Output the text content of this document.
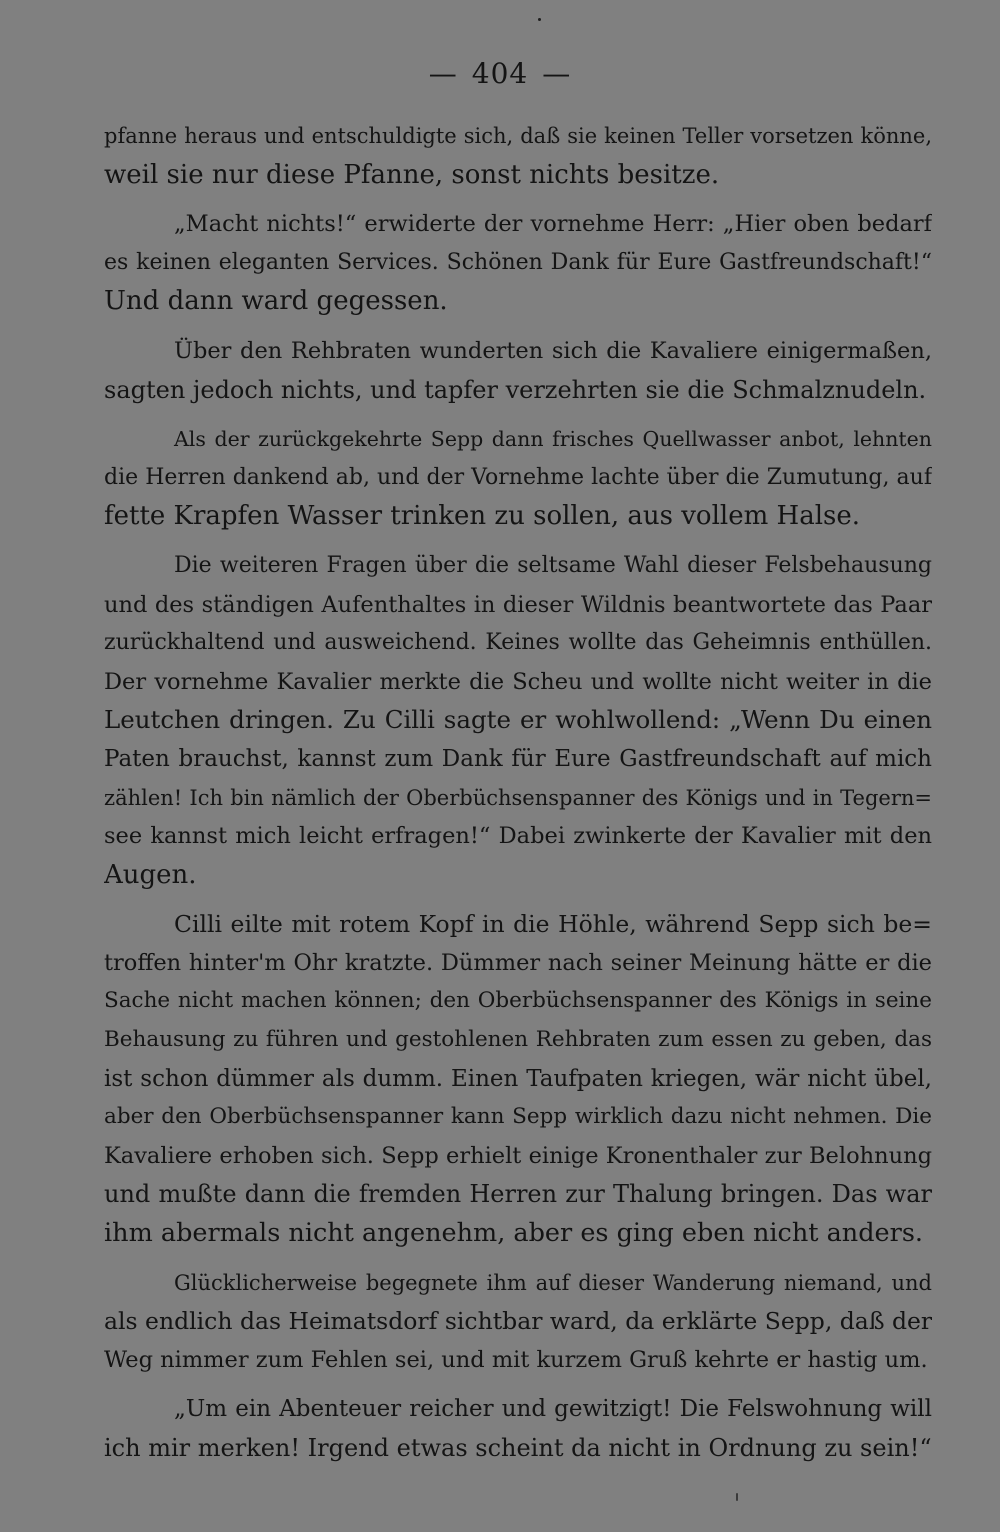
— 404 —
pfanne heraus und entschuldigte sich, daß sie keinen Teller vorsetzen könne,
weil sie nur diese Pfanne, sonst nichts besitze.
„Macht nichts!“ erwiderte der vornehme Herr: „Hier oben bedarf
es keinen eleganten Services. Schönen Dank für Eure Gastfreundschaft!“
Und dann ward gegessen.
Über den Rehbraten wunderten sich die Kavaliere einigermaßen,
sagten jedoch nichts, und tapfer verzehrten sie die Schmalznudeln.
Als der zurückgekehrte Sepp dann frisches Quellwasser anbot, lehnten
die Herren dankend ab, und der Vornehme lachte über die Zumutung, auf
fette Krapfen Wasser trinken zu sollen, aus vollem Halse.
Die weiteren Fragen über die seltsame Wahl dieser Felsbehausung
und des ständigen Aufenthaltes in dieser Wildnis beantwortete das Paar
zurückhaltend und ausweichend. Keines wollte das Geheimnis enthüllen.
Der vornehme Kavalier merkte die Scheu und wollte nicht weiter in die
Leutchen dringen. Zu Cilli sagte er wohlwollend: „Wenn Du einen
Paten brauchst, kannst zum Dank für Eure Gastfreundschaft auf mich
zählen! Ich bin nämlich der Oberbüchsenspanner des Königs und in Tegern=
see kannst mich leicht erfragen!“ Dabei zwinkerte der Kavalier mit den
Augen.
Cilli eilte mit rotem Kopf in die Höhle, während Sepp sich be=
troffen hinter'm Ohr kratzte. Dümmer nach seiner Meinung hätte er die
Sache nicht machen können; den Oberbüchsenspanner des Königs in seine
Behausung zu führen und gestohlenen Rehbraten zum essen zu geben, das
ist schon dümmer als dumm. Einen Taufpaten kriegen, wär nicht übel,
aber den Oberbüchsenspanner kann Sepp wirklich dazu nicht nehmen. Die
Kavaliere erhoben sich. Sepp erhielt einige Kronenthaler zur Belohnung
und mußte dann die fremden Herren zur Thalung bringen. Das war
ihm abermals nicht angenehm, aber es ging eben nicht anders.
Glücklicherweise begegnete ihm auf dieser Wanderung niemand, und
als endlich das Heimatsdorf sichtbar ward, da erklärte Sepp, daß der
Weg nimmer zum Fehlen sei, und mit kurzem Gruß kehrte er hastig um.
„Um ein Abenteuer reicher und gewitzigt! Die Felswohnung will
ich mir merken! Irgend etwas scheint da nicht in Ordnung zu sein!“
